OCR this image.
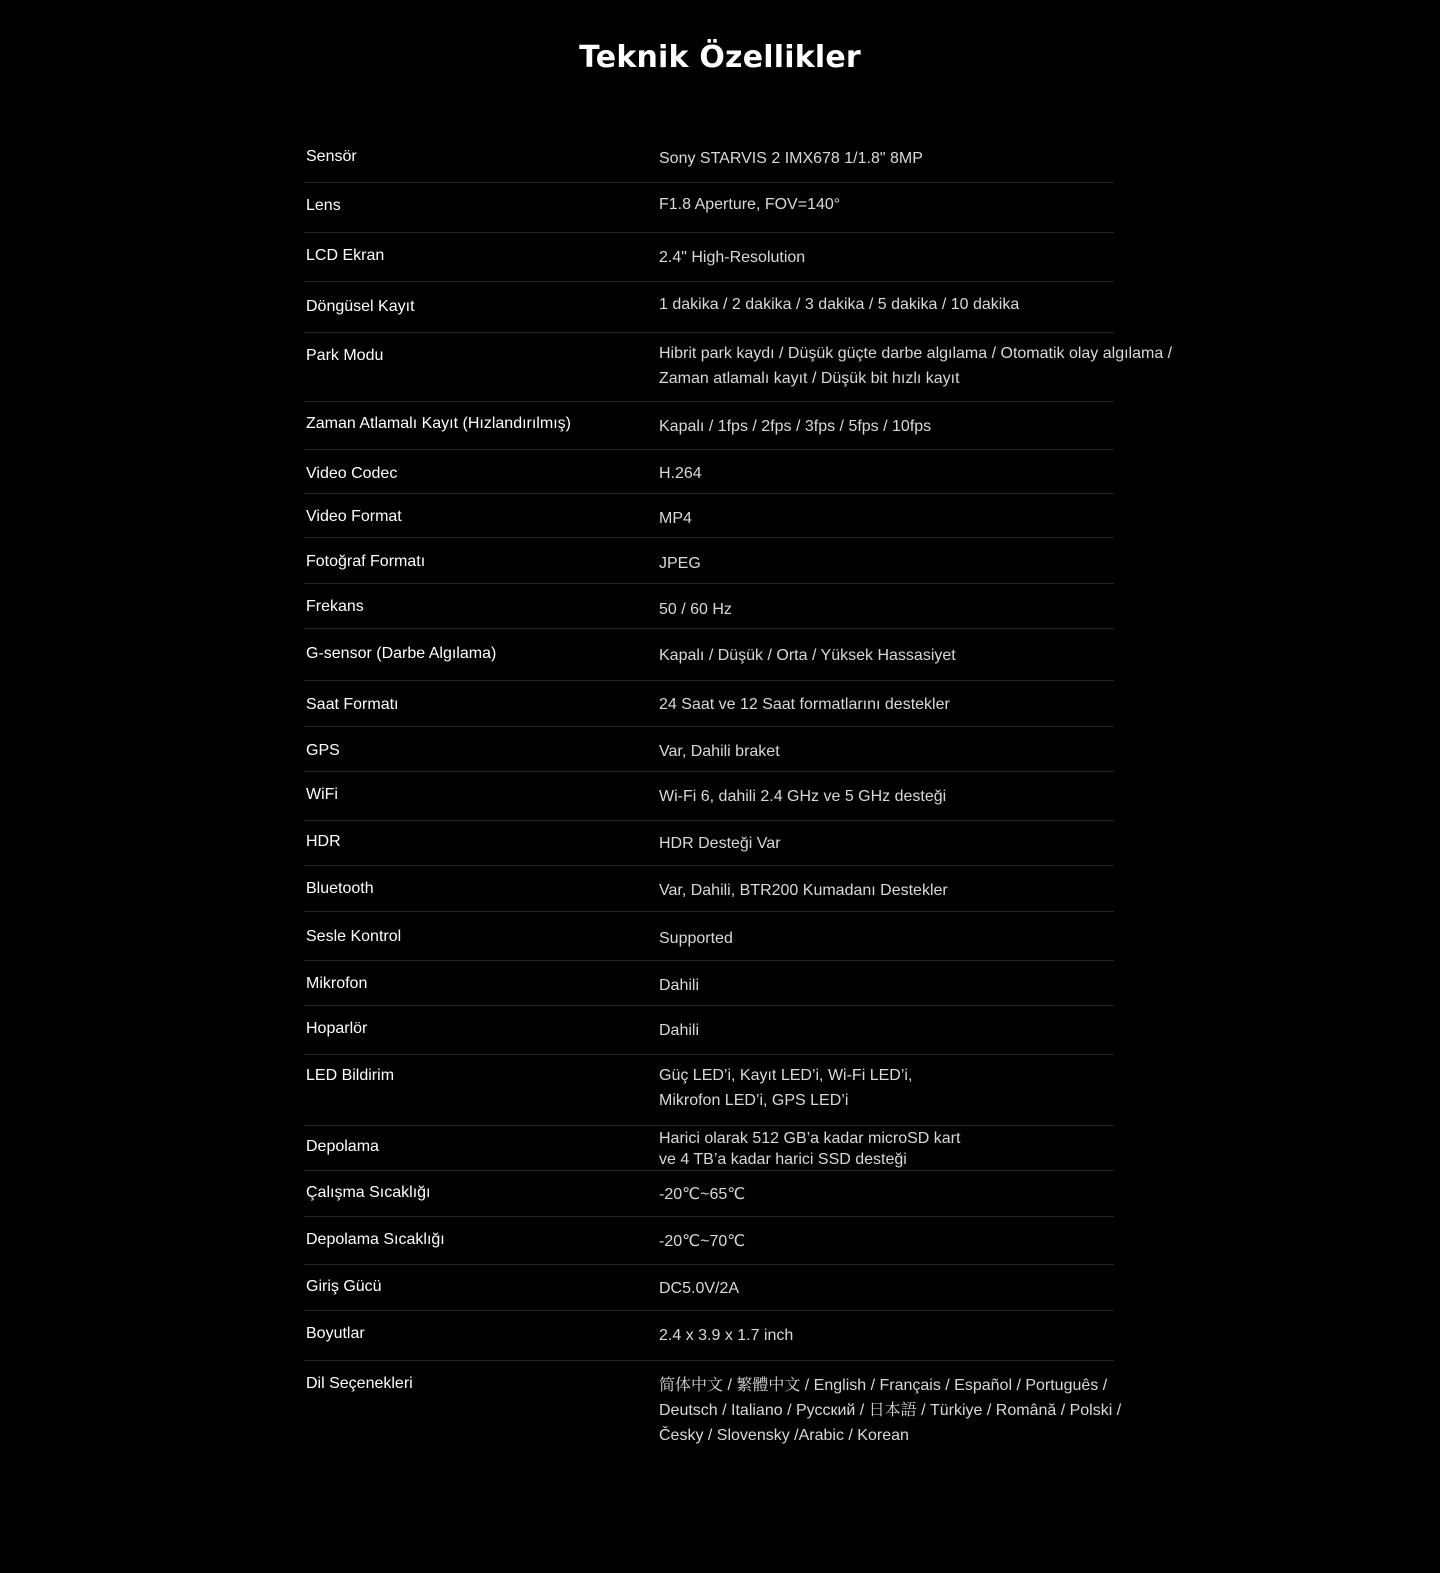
Teknik Özellikler
Sensör	Sony STARVIS 2 IMX678 1/1.8" 8MP
Lens	F1.8 Aperture, FOV=140°
LCD Ekran	2.4" High-Resolution
Döngüsel Kayıt	1 dakika / 2 dakika / 3 dakika / 5 dakika / 10 dakika
Park Modu	Hibrit park kaydı / Düşük güçte darbe algılama / Otomatik olay algılama /
Zaman atlamalı kayıt / Düşük bit hızlı kayıt
Zaman Atlamalı Kayıt (Hızlandırılmış)	Kapalı / 1fps / 2fps / 3fps / 5fps / 10fps
Video Codec	H.264
Video Format	MP4
Fotoğraf Formatı	JPEG
Frekans	50 / 60 Hz
G-sensor (Darbe Algılama)	Kapalı / Düşük / Orta / Yüksek Hassasiyet
Saat Formatı	24 Saat ve 12 Saat formatlarını destekler
GPS	Var, Dahili braket
WiFi	Wi-Fi 6, dahili 2.4 GHz ve 5 GHz desteği
HDR	HDR Desteği Var
Bluetooth	Var, Dahili, BTR200 Kumadanı Destekler
Sesle Kontrol	Supported
Mikrofon	Dahili
Hoparlör	Dahili
LED Bildirim	Güç LED’i, Kayıt LED’i, Wi-Fi LED’i,
Mikrofon LED’i, GPS LED’i
Depolama	Harici olarak 512 GB’a kadar microSD kart
ve 4 TB’a kadar harici SSD desteği
Çalışma Sıcaklığı	-20℃~65℃
Depolama Sıcaklığı	-20℃~70℃
Giriş Gücü	DC5.0V/2A
Boyutlar	2.4 x 3.9 x 1.7 inch
Dil Seçenekleri	简体中文 / 繁體中文 / English / Français / Español / Português /
Deutsch / Italiano / Русский / 日本語 / Türkiye / Română / Polski /
Česky / Slovensky /Arabic / Korean
